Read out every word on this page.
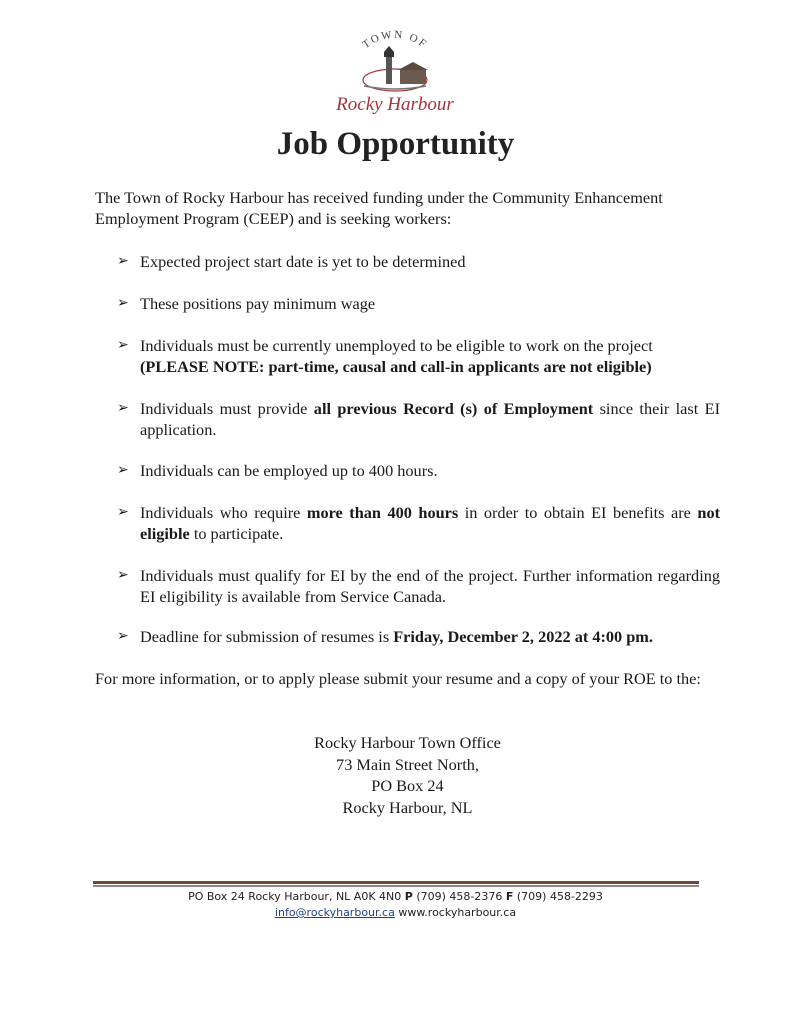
TOWN OF
Rocky Harbour
Job Opportunity
The Town of Rocky Harbour has received funding under the Community Enhancement Employment Program (CEEP) and is seeking workers:
➢ Expected project start date is yet to be determined
➢ These positions pay minimum wage
➢ Individuals must be currently unemployed to be eligible to work on the project
(PLEASE NOTE: part-time, causal and call-in applicants are not eligible)
➢ Individuals must provide all previous Record (s) of Employment since their last EI application.
➢ Individuals can be employed up to 400 hours.
➢ Individuals who require more than 400 hours in order to obtain EI benefits are not eligible to participate.
➢ Individuals must qualify for EI by the end of the project. Further information regarding EI eligibility is available from Service Canada.
➢ Deadline for submission of resumes is Friday, December 2, 2022 at 4:00 pm.
For more information, or to apply please submit your resume and a copy of your ROE to the:
Rocky Harbour Town Office
73 Main Street North,
PO Box 24
Rocky Harbour, NL
PO Box 24 Rocky Harbour, NL A0K 4N0 P (709) 458-2376 F (709) 458-2293
info@rockyharbour.ca www.rockyharbour.ca
